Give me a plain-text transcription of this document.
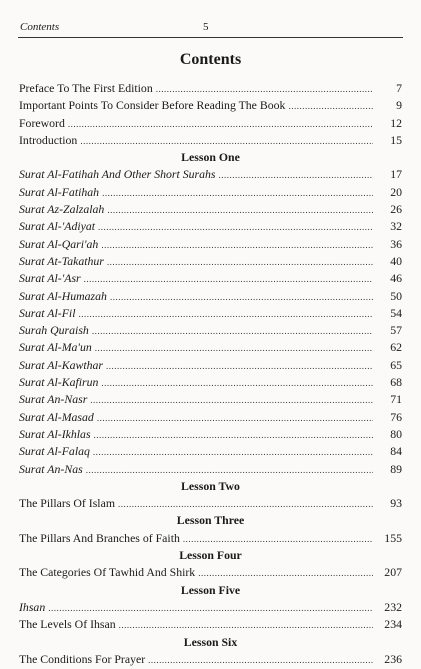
Contents	5
Contents
Preface To The First Edition .....	7
Important Points To Consider Before Reading The Book .....	9
Foreword .....	12
Introduction .....	15
Lesson One
Surat Al-Fatihah And Other Short Surahs .....	17
Surat Al-Fatihah .....	20
Surat Az-Zalzalah .....	26
Surat Al-'Adiyat .....	32
Surat Al-Qari'ah .....	36
Surat At-Takathur .....	40
Surat Al-'Asr .....	46
Surat Al-Humazah .....	50
Surat Al-Fil .....	54
Surah Quraish .....	57
Surat Al-Ma'un .....	62
Surat Al-Kawthar .....	65
Surat Al-Kafirun .....	68
Surat An-Nasr .....	71
Surat Al-Masad .....	76
Surat Al-Ikhlas .....	80
Surat Al-Falaq .....	84
Surat An-Nas .....	89
Lesson Two
The Pillars Of Islam .....	93
Lesson Three
The Pillars And Branches of Faith .....	155
Lesson Four
The Categories Of Tawhid And Shirk .....	207
Lesson Five
Ihsan .....	232
The Levels Of Ihsan .....	234
Lesson Six
The Conditions For Prayer .....	236
